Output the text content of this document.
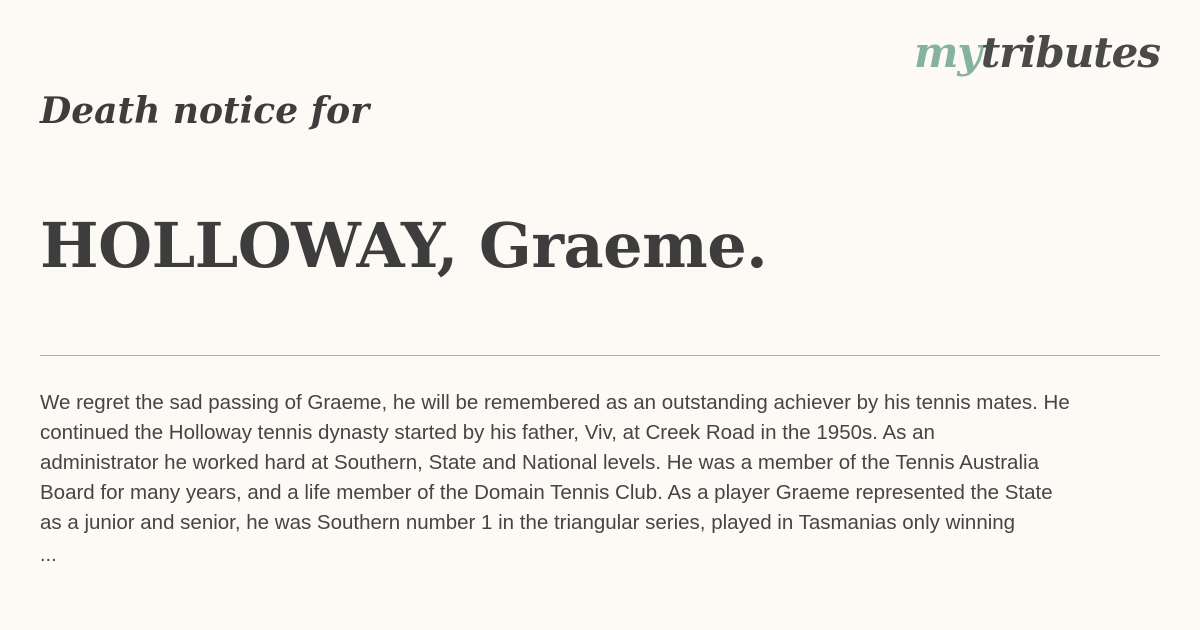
mytributes
Death notice for
HOLLOWAY, Graeme.

We regret the sad passing of Graeme, he will be remembered as an outstanding achiever by his tennis mates. He
continued the Holloway tennis dynasty started by his father, Viv, at Creek Road in the 1950s. As an
administrator he worked hard at Southern, State and National levels. He was a member of the Tennis Australia
Board for many years, and a life member of the Domain Tennis Club. As a player Graeme represented the State
as a junior and senior, he was Southern number 1 in the triangular series, played in Tasmanias only winning

...
